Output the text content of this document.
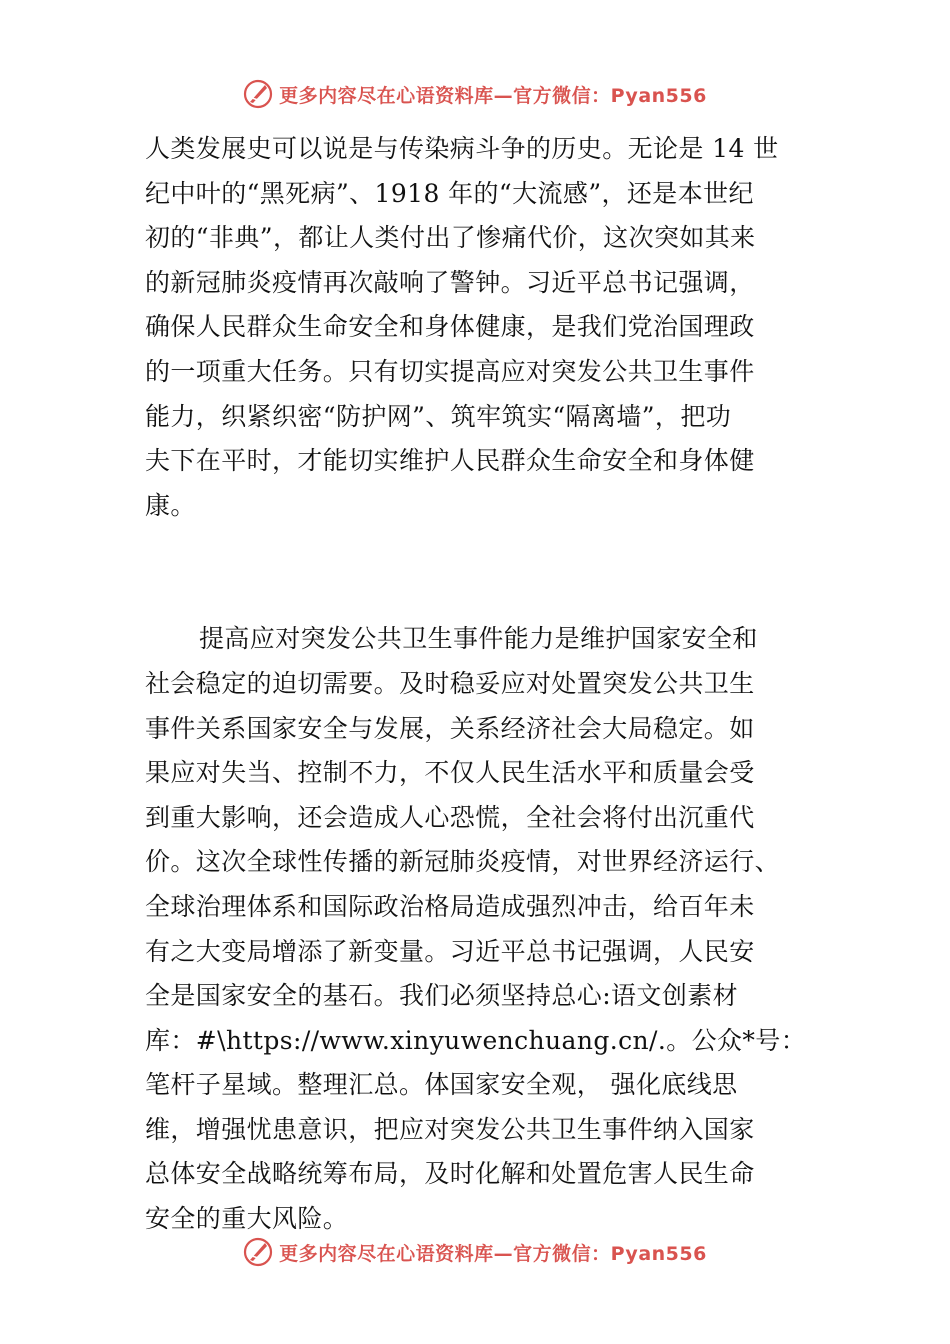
更多内容尽在心语资料库—官方微信：Pyan556
人类发展史可以说是与传染病斗争的历史。无论是 14 世
纪中叶的“黑死病”、1918 年的“大流感”，还是本世纪
初的“非典”，都让人类付出了惨痛代价，这次突如其来
的新冠肺炎疫情再次敲响了警钟。习近平总书记强调，
确保人民群众生命安全和身体健康，是我们党治国理政
的一项重大任务。只有切实提高应对突发公共卫生事件
能力，织紧织密“防护网”、筑牢筑实“隔离墙”，把功
夫下在平时，才能切实维护人民群众生命安全和身体健
康。
提高应对突发公共卫生事件能力是维护国家安全和
社会稳定的迫切需要。及时稳妥应对处置突发公共卫生
事件关系国家安全与发展，关系经济社会大局稳定。如
果应对失当、控制不力，不仅人民生活水平和质量会受
到重大影响，还会造成人心恐慌，全社会将付出沉重代
价。这次全球性传播的新冠肺炎疫情，对世界经济运行、
全球治理体系和国际政治格局造成强烈冲击，给百年未
有之大变局增添了新变量。习近平总书记强调，人民安
全是国家安全的基石。我们必须坚持总心:语文创素材
库：#\https://www.xinyuwenchuang.cn/.。公众*号：
笔杆子星域。整理汇总。体国家安全观， 强化底线思
维，增强忧患意识，把应对突发公共卫生事件纳入国家
总体安全战略统筹布局，及时化解和处置危害人民生命
安全的重大风险。
更多内容尽在心语资料库—官方微信：Pyan556
